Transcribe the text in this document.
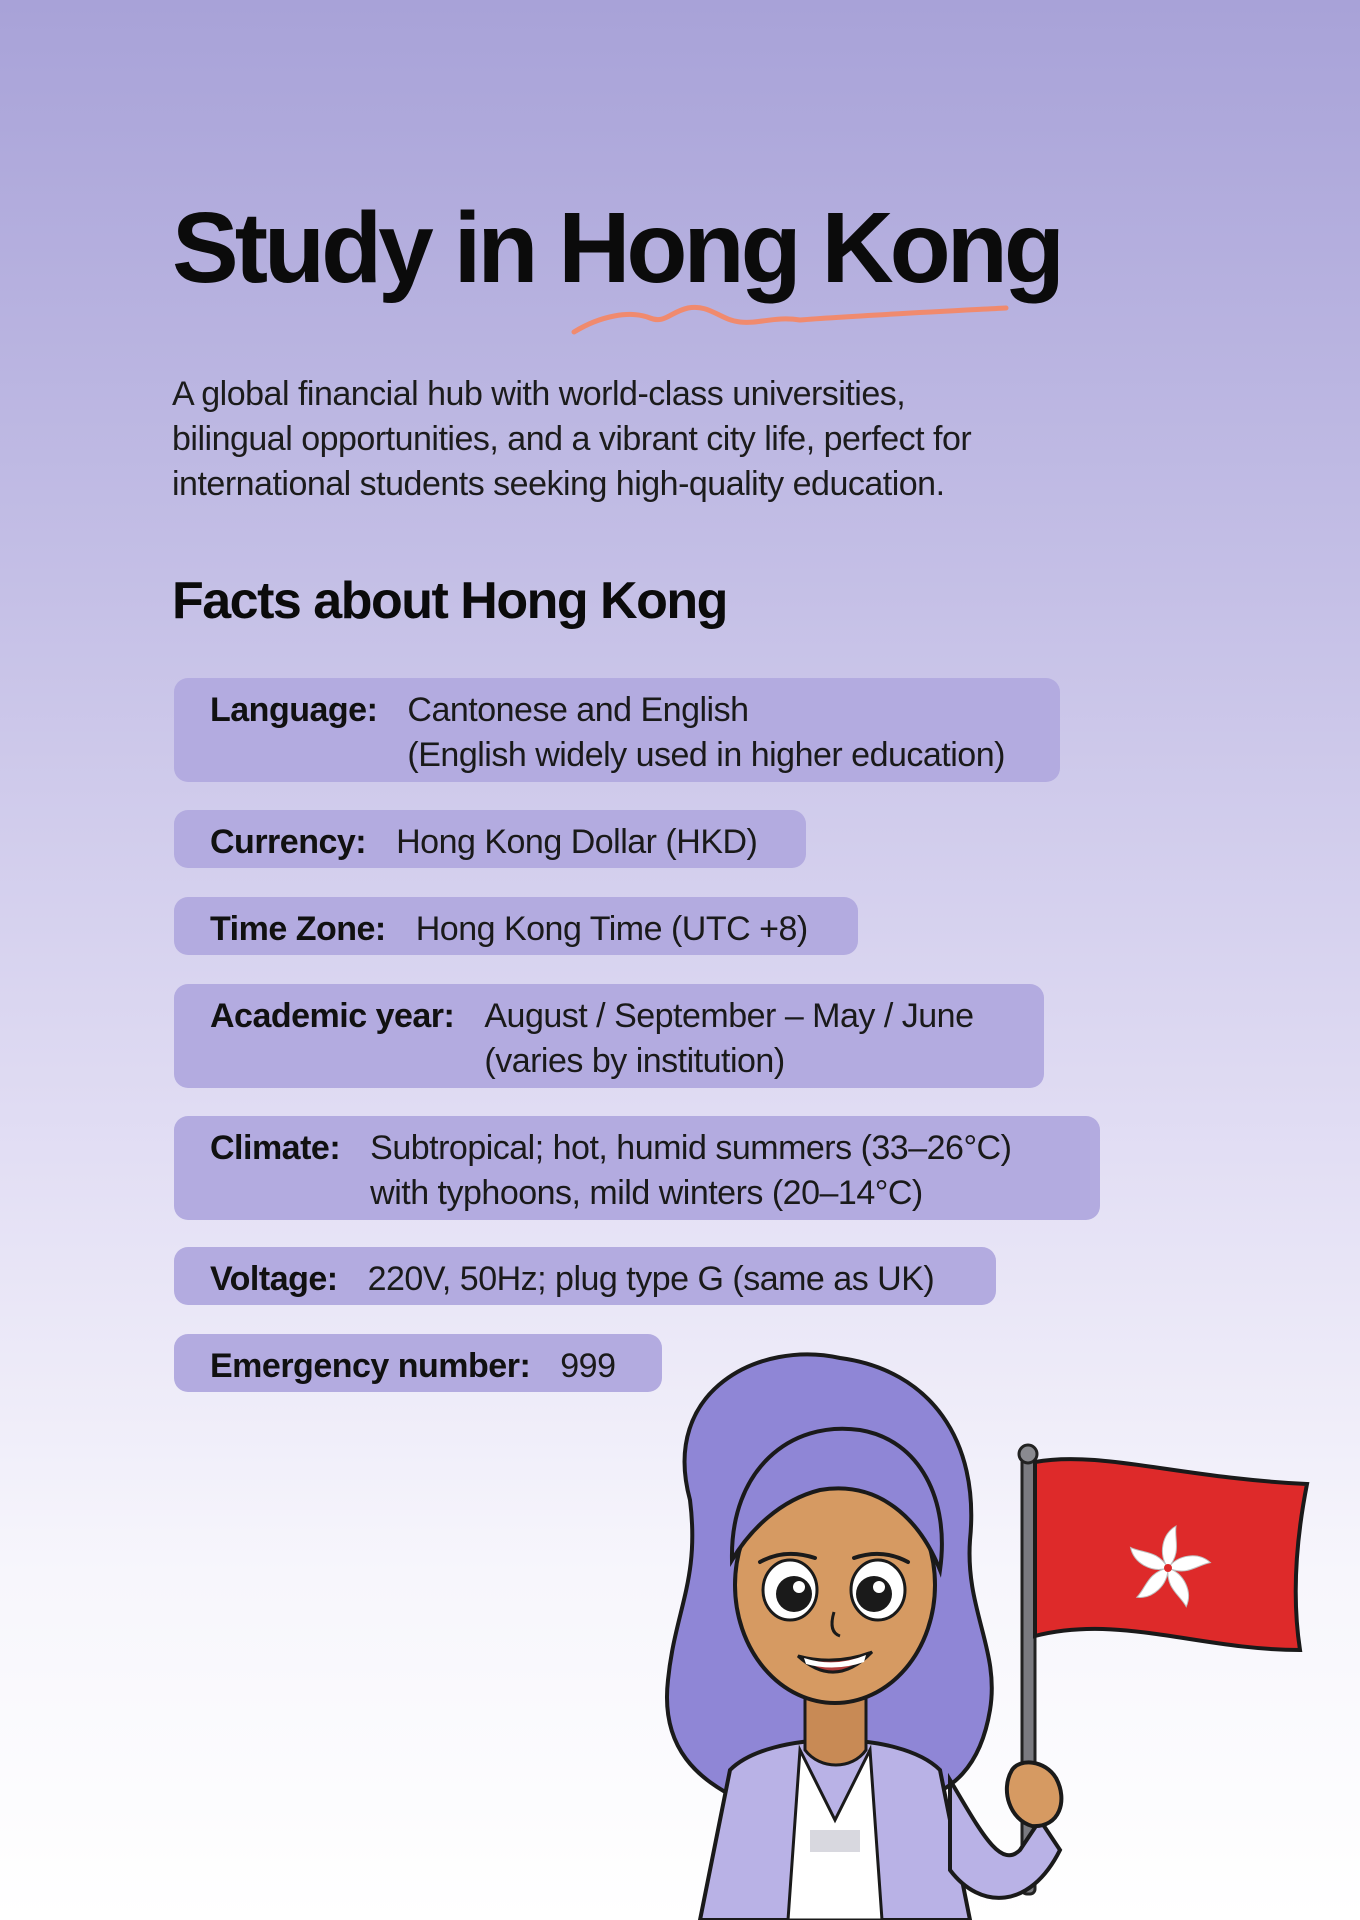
Study in Hong Kong

A global financial hub with world-class universities,
bilingual opportunities, and a vibrant city life, perfect for
international students seeking high-quality education.

Facts about Hong Kong
Language: Cantonese and English
(English widely used in higher education)
Currency: Hong Kong Dollar (HKD)
Time Zone: Hong Kong Time (UTC +8)
Academic year: August / September – May / June
(varies by institution)
Climate: Subtropical; hot, humid summers (33–26°C)
with typhoons, mild winters (20–14°C)
Voltage: 220V, 50Hz; plug type G (same as UK)
Emergency number: 999
